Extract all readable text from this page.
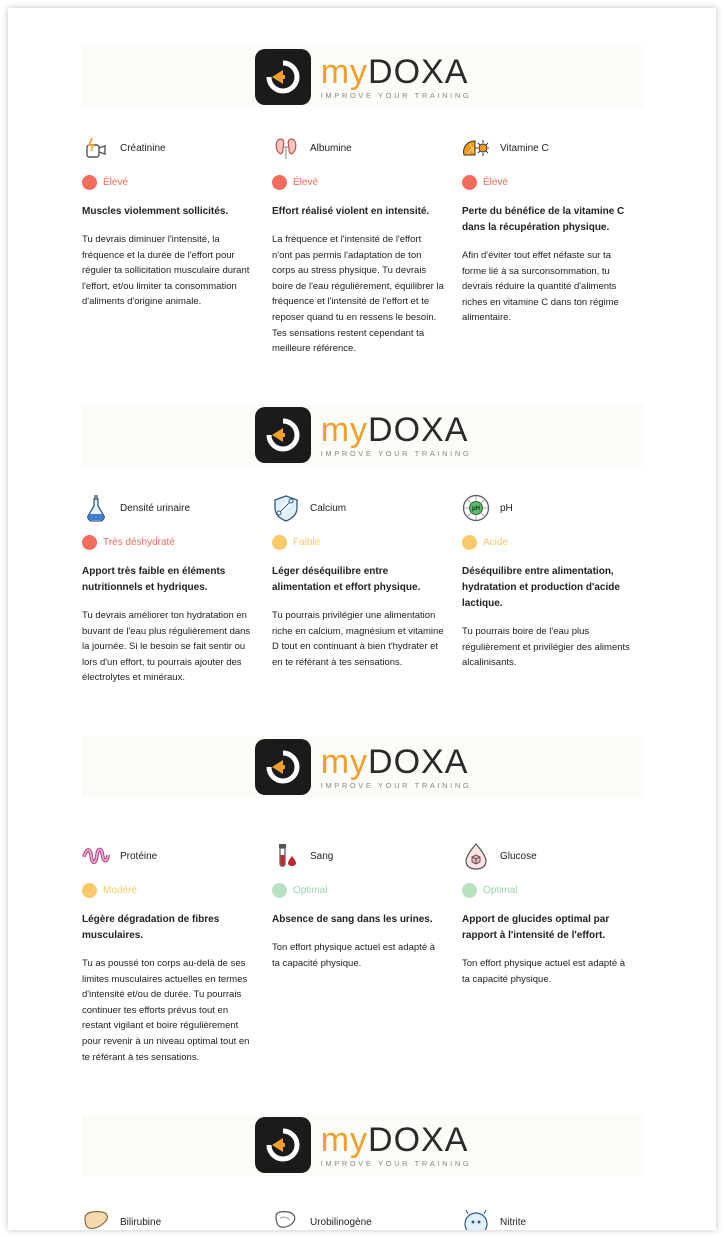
myDOXA
IMPROVE YOUR TRAINING
myDOXA
IMPROVE YOUR TRAINING
myDOXA
IMPROVE YOUR TRAINING
myDOXA
IMPROVE YOUR TRAINING
Créatinine
Élevé
Muscles violemment sollicités.
Tu devrais diminuer l'intensité, la fréquence et la durée de l'effort pour réguler ta sollicitation musculaire durant l'effort, et/ou limiter ta consommation d'aliments d'origine animale.
Albumine
Élevé
Effort réalisé violent en intensité.
La fréquence et l'intensité de l'effort n'ont pas permis l'adaptation de ton corps au stress physique. Tu devrais boire de l'eau régulièrement, équilibrer la fréquence et l'intensité de l'effort et te reposer quand tu en ressens le besoin. Tes sensations restent cependant ta meilleure référence.
Vitamine C
Élevé
Perte du bénéfice de la vitamine C dans la récupération physique.
Afin d'éviter tout effet néfaste sur ta forme lié à sa surconsommation, tu devrais réduire la quantité d'aliments riches en vitamine C dans ton régime alimentaire.
Densité urinaire
Très déshydraté
Apport très faible en éléments nutritionnels et hydriques.
Tu devrais améliorer ton hydratation en buvant de l'eau plus régulièrement dans la journée. Si le besoin se fait sentir ou lors d'un effort, tu pourrais ajouter des électrolytes et minéraux.
Calcium
Faible
Léger déséquilibre entre alimentation et effort physique.
Tu pourrais privilégier une alimentation riche en calcium, magnésium et vitamine D tout en continuant à bien t'hydrater et en te référant à tes sensations.
pH pH
Acide
Déséquilibre entre alimentation, hydratation et production d'acide lactique.
Tu pourrais boire de l'eau plus régulièrement et privilégier des aliments alcalinisants.
Protéine
Modéré
Légère dégradation de fibres musculaires.
Tu as poussé ton corps au-delà de ses limites musculaires actuelles en termes d'intensité et/ou de durée. Tu pourrais continuer tes efforts prévus tout en restant vigilant et boire régulièrement pour revenir à un niveau optimal tout en te référant à tes sensations.
Sang
Optimal
Absence de sang dans les urines.
Ton effort physique actuel est adapté à ta capacité physique.
Glucose
Optimal
Apport de glucides optimal par rapport à l'intensité de l'effort.
Ton effort physique actuel est adapté à ta capacité physique.
Bilirubine	Urobilinogène	Nitrite
